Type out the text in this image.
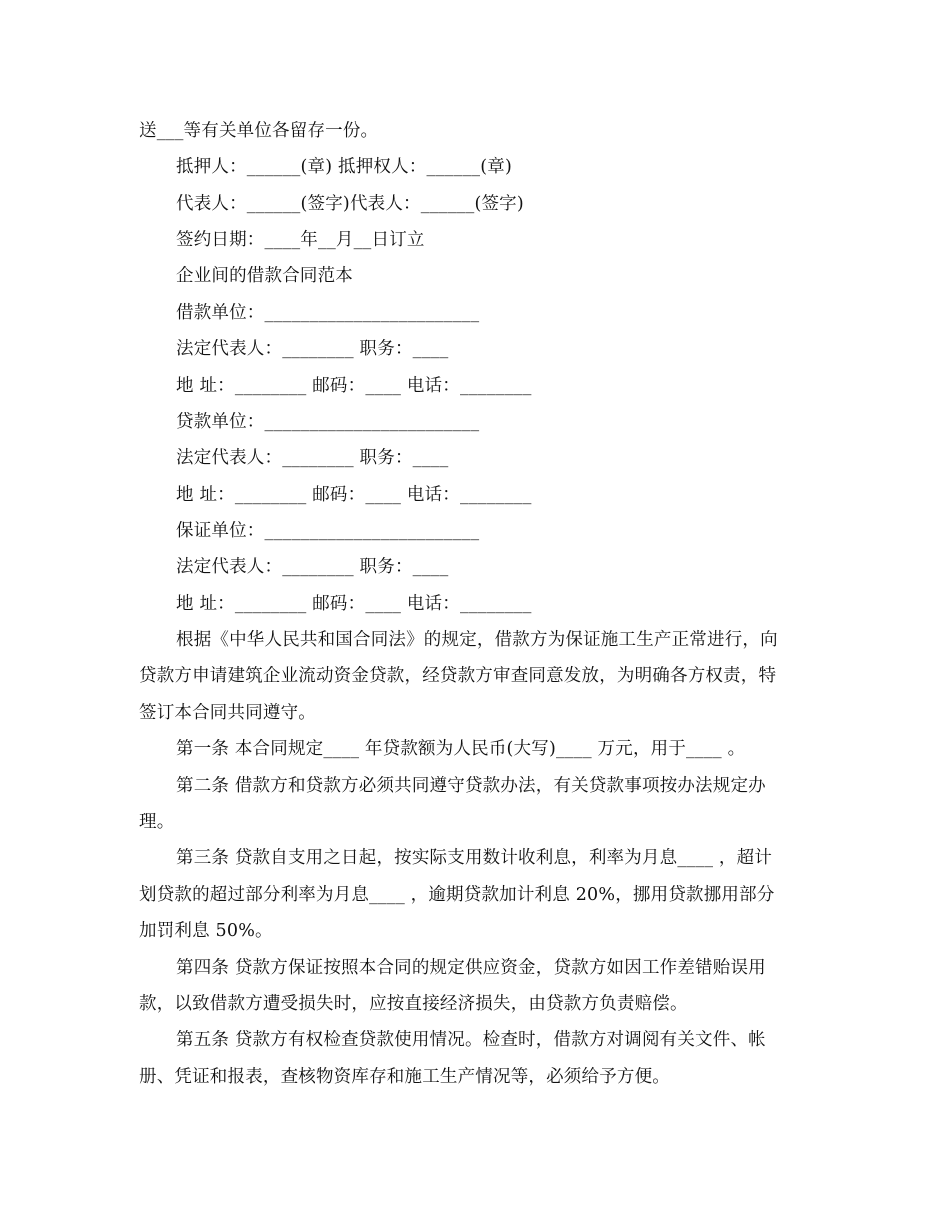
送___等有关单位各留存一份。
抵押人：______(章) 抵押权人：______(章)
代表人：______(签字)代表人：______(签字)
签约日期：____年__月__日订立
企业间的借款合同范本
借款单位：________________________
法定代表人：________ 职务：____
地 址：________ 邮码：____ 电话：________
贷款单位：________________________
法定代表人：________ 职务：____
地 址：________ 邮码：____ 电话：________
保证单位：________________________
法定代表人：________ 职务：____
地 址：________ 邮码：____ 电话：________
根据《中华人民共和国合同法》的规定，借款方为保证施工生产正常进行，向
贷款方申请建筑企业流动资金贷款，经贷款方审查同意发放，为明确各方权责，特
签订本合同共同遵守。
第一条 本合同规定____ 年贷款额为人民币(大写)____ 万元，用于____ 。
第二条 借款方和贷款方必须共同遵守贷款办法，有关贷款事项按办法规定办
理。
第三条 贷款自支用之日起，按实际支用数计收利息，利率为月息____ ，超计
划贷款的超过部分利率为月息____ ，逾期贷款加计利息 20%，挪用贷款挪用部分
加罚利息 50%。
第四条 贷款方保证按照本合同的规定供应资金，贷款方如因工作差错贻误用
款，以致借款方遭受损失时，应按直接经济损失，由贷款方负责赔偿。
第五条 贷款方有权检查贷款使用情况。检查时，借款方对调阅有关文件、帐
册、凭证和报表，查核物资库存和施工生产情况等，必须给予方便。
